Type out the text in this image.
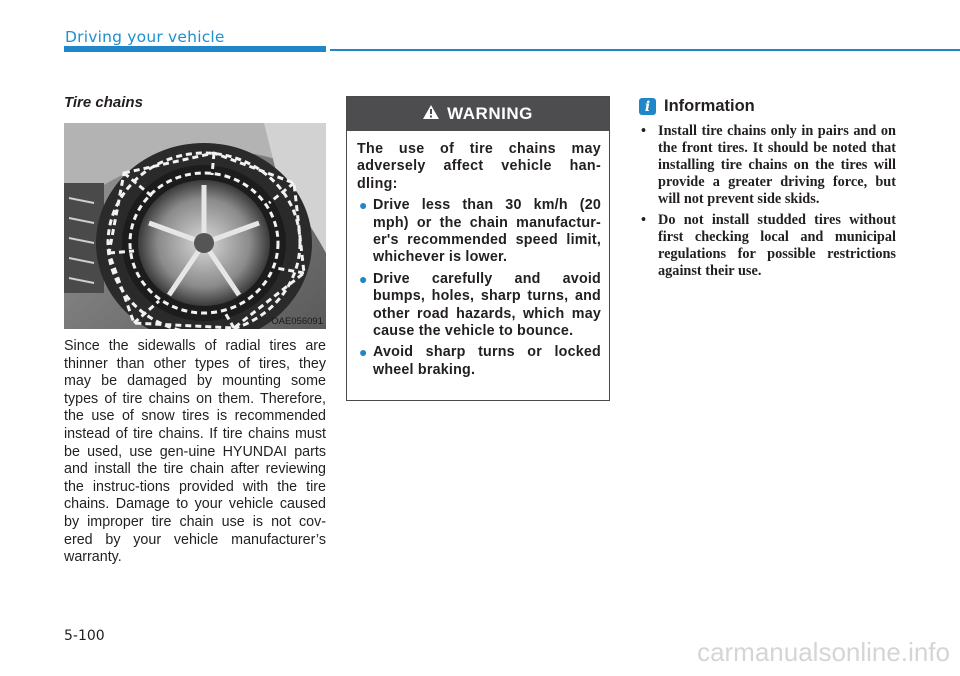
Driving your vehicle
Tire chains
OAE056091

Since the sidewalls of radial tires are thinner than other types of tires, they may be damaged by mounting some types of tire chains on them. Therefore, the use of snow tires is recommended instead of tire chains. If tire chains must be used, use gen-uine HYUNDAI parts and install the tire chain after reviewing the instruc-tions provided with the tire chains. Damage to your vehicle caused by improper tire chain use is not cov-ered by your vehicle manufacturer’s warranty.

WARNING

The use of tire chains may adversely affect vehicle han-dling:

● Drive less than 30 km/h (20 mph) or the chain manufactur-er's recommended speed limit, whichever is lower.
● Drive carefully and avoid bumps, holes, sharp turns, and other road hazards, which may cause the vehicle to bounce.
● Avoid sharp turns or locked wheel braking.
i Information
• Install tire chains only in pairs and on the front tires. It should be noted that installing tire chains on the tires will provide a greater driving force, but will not prevent side skids.
• Do not install studded tires without first checking local and municipal regulations for possible restrictions against their use.
5-100
carmanualsonline.info
